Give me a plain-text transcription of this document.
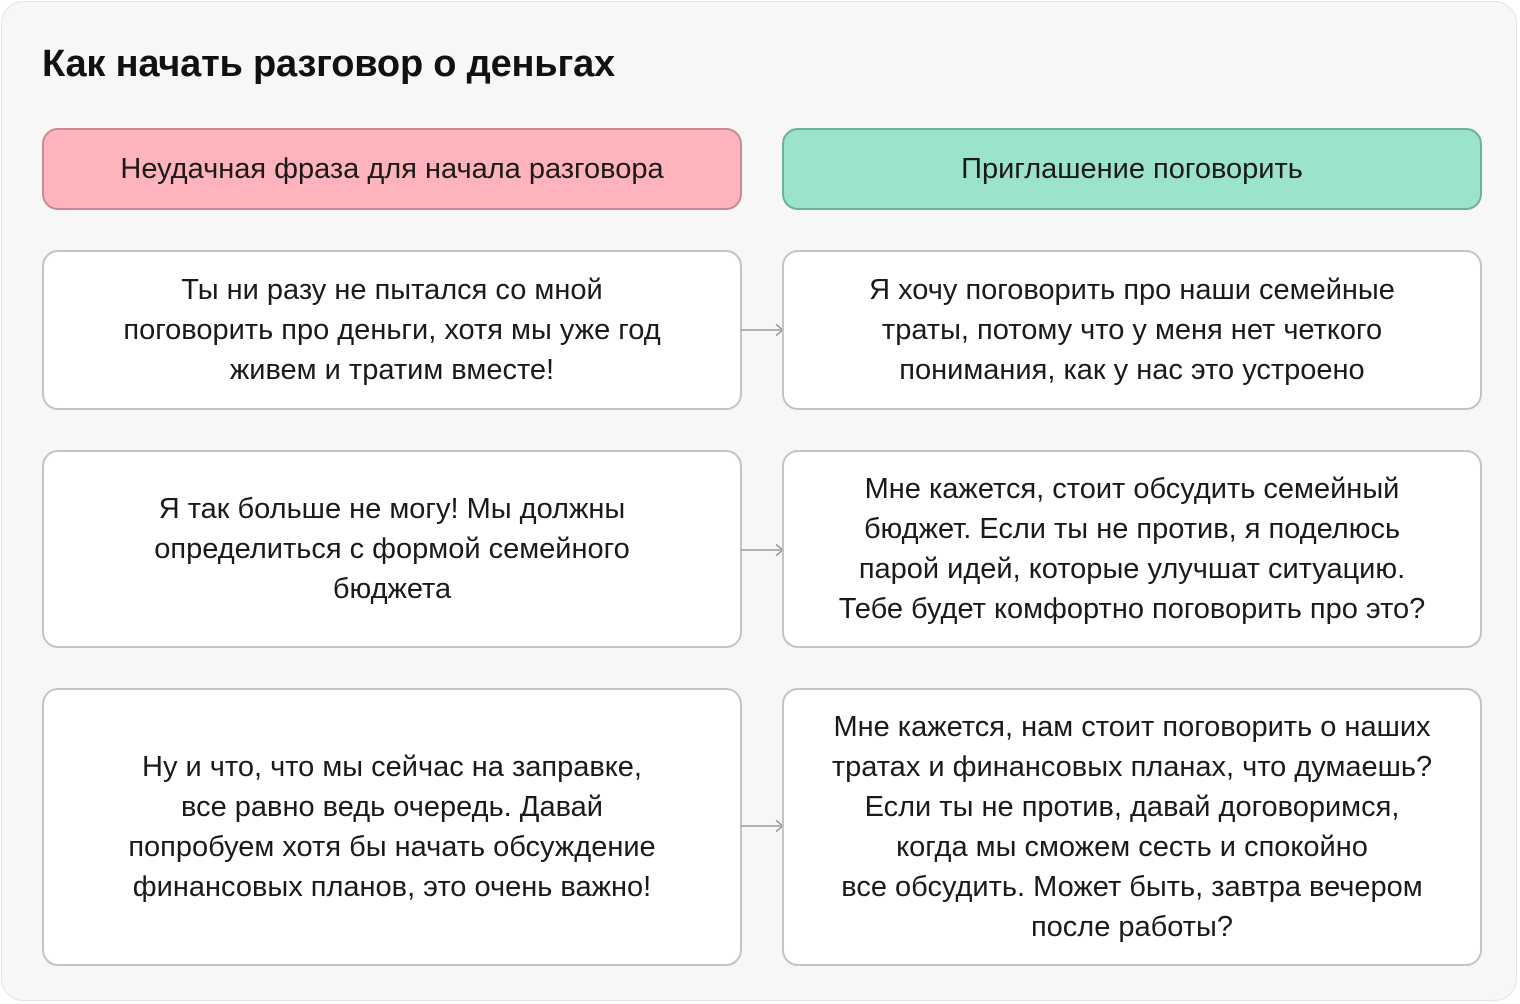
Как начать разговор о деньгах
Неудачная фраза для начала разговора	Приглашение поговорить
Ты ни разу не пытался со мной
поговорить про деньги, хотя мы уже год
живем и тратим вместе!
Я хочу поговорить про наши семейные
траты, потому что у меня нет четкого
понимания, как у нас это устроено
Я так больше не могу! Мы должны
определиться с формой семейного
бюджета
Мне кажется, стоит обсудить семейный
бюджет. Если ты не против, я поделюсь
парой идей, которые улучшат ситуацию.
Тебе будет комфортно поговорить про это?
Ну и что, что мы сейчас на заправке,
все равно ведь очередь. Давай
попробуем хотя бы начать обсуждение
финансовых планов, это очень важно!
Мне кажется, нам стоит поговорить о наших
тратах и финансовых планах, что думаешь?
Если ты не против, давай договоримся,
когда мы сможем сесть и спокойно
все обсудить. Может быть, завтра вечером
после работы?
